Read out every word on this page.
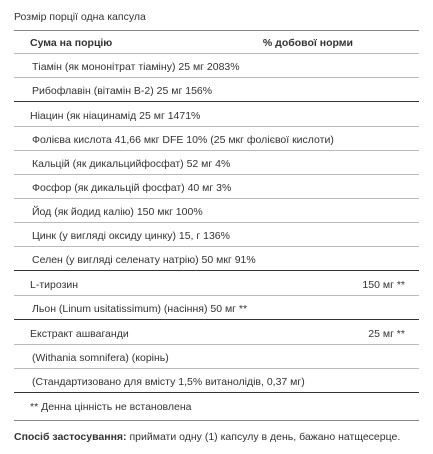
Розмір порції одна капсула
Сума на порцію	% добової норми
Тіамін (як мононітрат тіаміну) 25 мг 2083%
Рибофлавін (вітамін В-2) 25 мг 156%
Ніацин (як ніацинамід 25 мг 1471%
Фолієва кислота 41,66 мкг DFE 10% (25 мкг фолієвої кислоти)
Кальцій (як дикальцийфосфат) 52 мг 4%
Фосфор (як дикальцій фосфат) 40 мг 3%
Йод (як йодид калію) 150 мкг 100%
Цинк (у вигляді оксиду цинку) 15, г 136%
Селен (у вигляді селенату натрію) 50 мкг 91%
L-тирозин	150 мг **
Льон (Linum usitatissimum) (насіння) 50 мг **
Екстракт ашваганди	25 мг **
(Withania somnifera) (корінь)
(Стандартизовано для вмісту 1,5% витанолідів, 0,37 мг)
** Денна цінність не встановлена
Спосіб застосування: приймати одну (1) капсулу в день, бажано натщесерце.
